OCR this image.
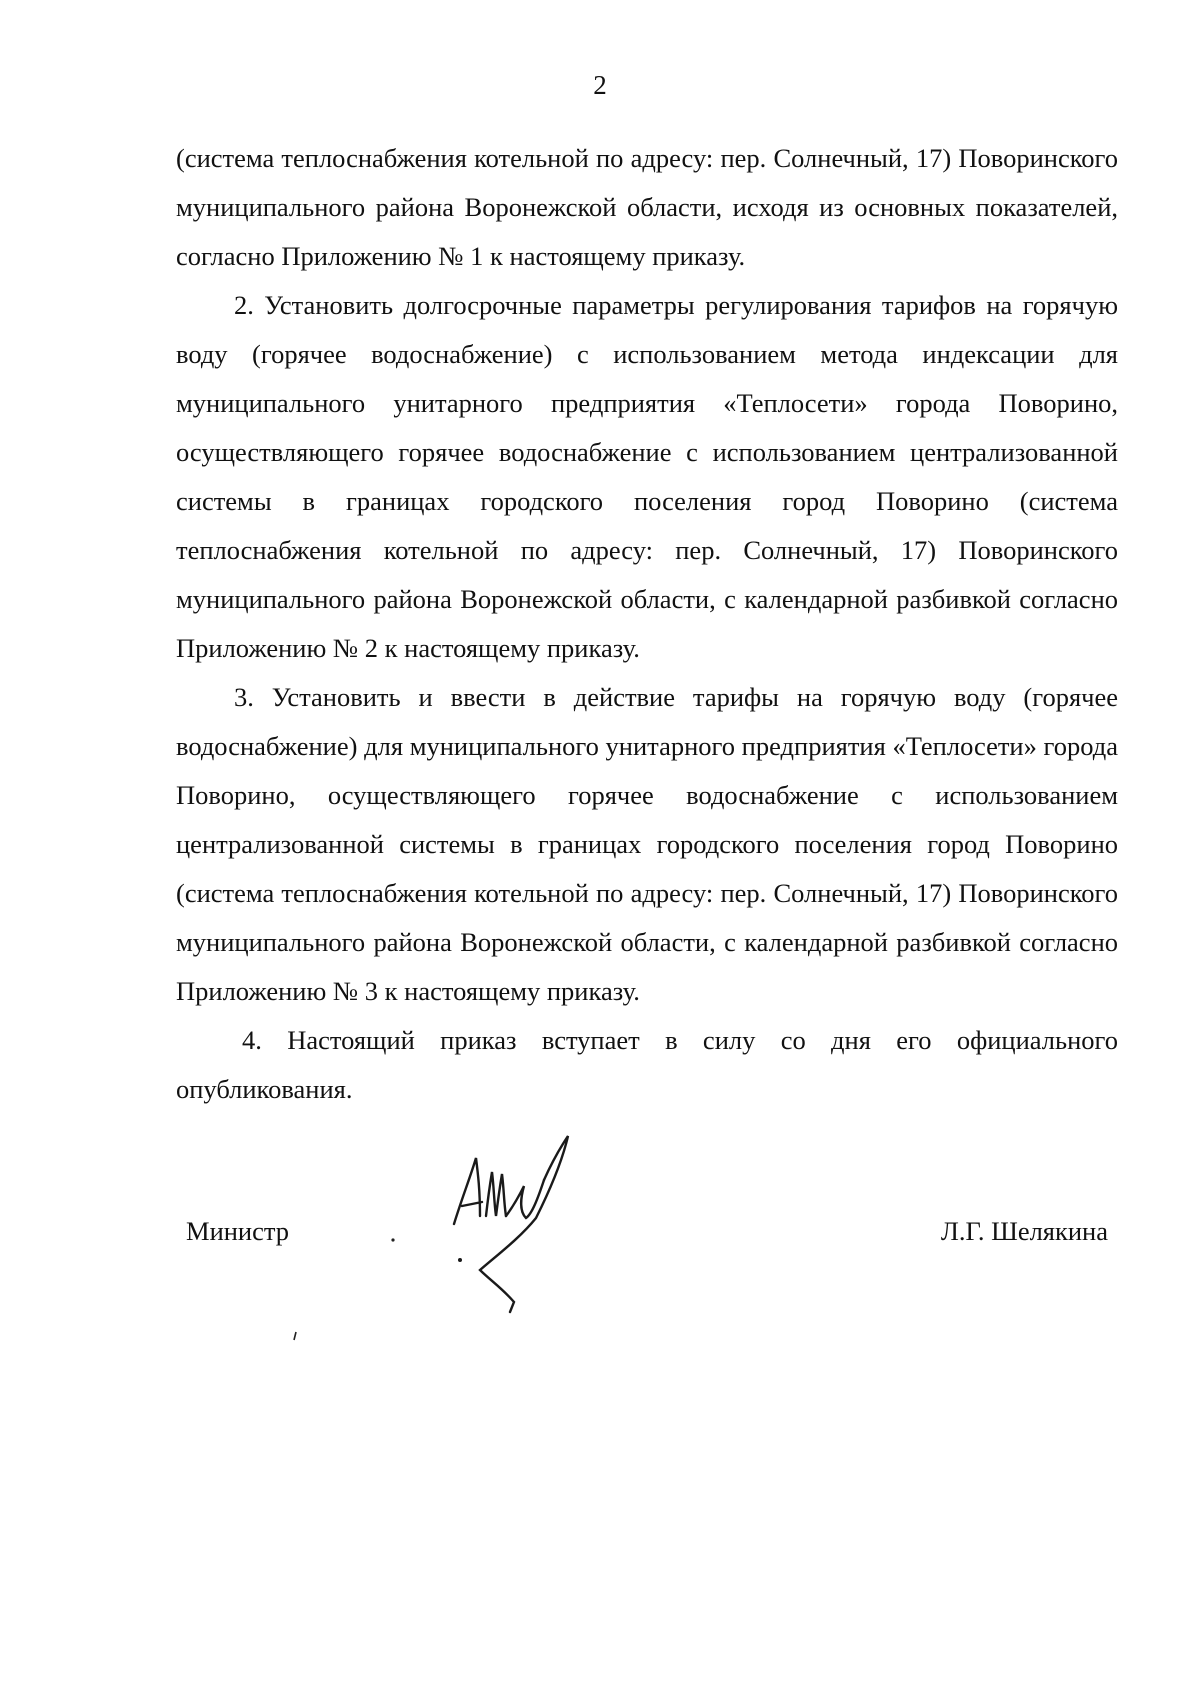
2

(система теплоснабжения котельной по адресу: пер. Солнечный, 17) Поворинского муниципального района Воронежской области, исходя из основных показателей, согласно Приложению № 1 к настоящему приказу.

2. Установить долгосрочные параметры регулирования тарифов на горячую воду (горячее водоснабжение) с использованием метода индексации для муниципального унитарного предприятия «Теплосети» города Поворино, осуществляющего горячее водоснабжение с использованием централизованной системы в границах городского поселения город Поворино (система теплоснабжения котельной по адресу: пер. Солнечный, 17) Поворинского муниципального района Воронежской области, с календарной разбивкой согласно Приложению № 2 к настоящему приказу.

3. Установить и ввести в действие тарифы на горячую воду (горячее водоснабжение) для муниципального унитарного предприятия «Теплосети» города Поворино, осуществляющего горячее водоснабжение с использованием централизованной системы в границах городского поселения город Поворино (система теплоснабжения котельной по адресу: пер. Солнечный, 17) Поворинского муниципального района Воронежской области, с календарной разбивкой согласно Приложению № 3 к настоящему приказу.

4. Настоящий приказ вступает в силу со дня его официального опубликования.

Министр	Л.Г. Шелякина
